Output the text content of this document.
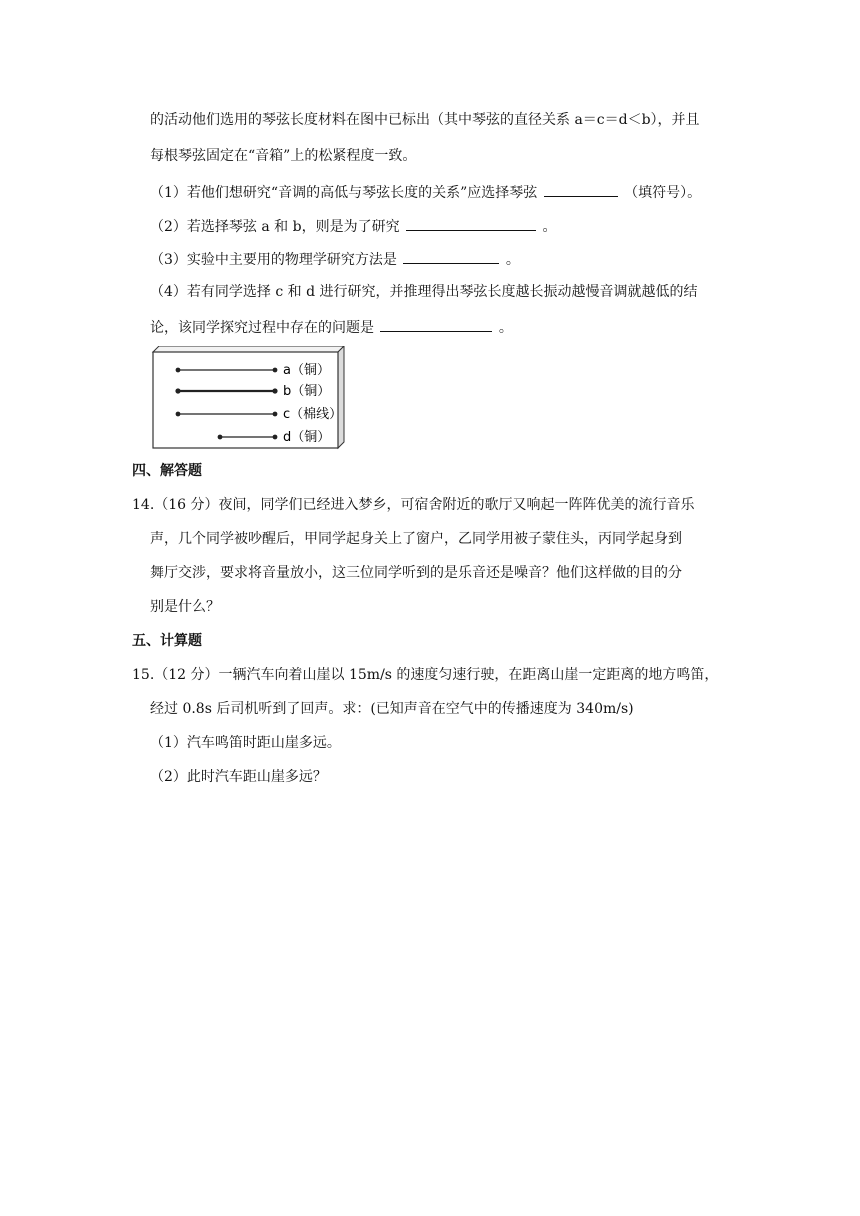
的活动他们选用的琴弦长度材料在图中已标出（其中琴弦的直径关系 a＝c＝d＜b），并且
每根琴弦固定在“音箱”上的松紧程度一致。
（1）若他们想研究“音调的高低与琴弦长度的关系”应选择琴弦	（填符号）。
（2）若选择琴弦 a 和 b，则是为了研究	。
（3）实验中主要用的物理学研究方法是	。
（4）若有同学选择 c 和 d 进行研究，并推理得出琴弦长度越长振动越慢音调就越低的结
论，该同学探究过程中存在的问题是	。
a（铜）
b（铜）
c（棉线）
d（铜）
四、解答题
14.（16 分）夜间，同学们已经进入梦乡，可宿舍附近的歌厅又响起一阵阵优美的流行音乐
声，几个同学被吵醒后，甲同学起身关上了窗户，乙同学用被子蒙住头，丙同学起身到
舞厅交涉，要求将音量放小，这三位同学听到的是乐音还是噪音？他们这样做的目的分
别是什么？
五、计算题
15.（12 分）一辆汽车向着山崖以 15m/s 的速度匀速行驶，在距离山崖一定距离的地方鸣笛，
经过 0.8s 后司机听到了回声。求：(已知声音在空气中的传播速度为 340m/s)
（1）汽车鸣笛时距山崖多远。
（2）此时汽车距山崖多远？
